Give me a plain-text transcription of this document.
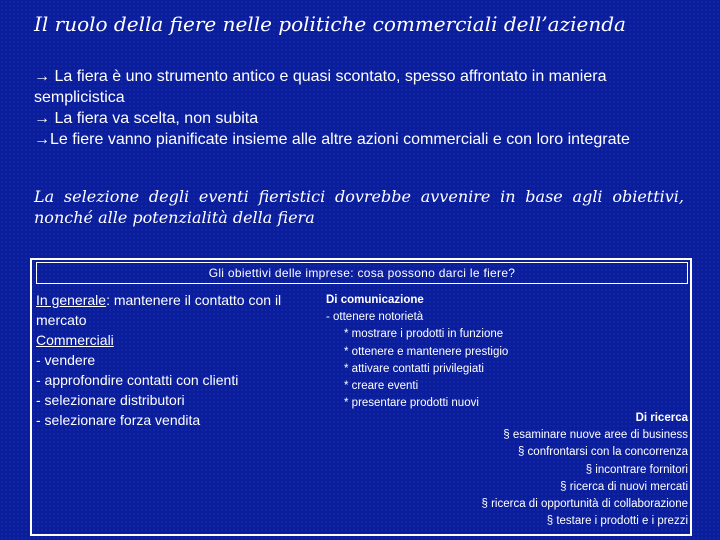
Il ruolo della fiere nelle politiche commerciali dell’azienda

→ La fiera è uno strumento antico e quasi scontato, spesso affrontato in maniera semplicistica

→ La fiera va scelta, non subita

→Le fiere vanno pianificate insieme alle altre azioni commerciali e con loro integrate

La selezione degli eventi fieristici dovrebbe avvenire in base agli obiettivi, nonché alle potenzialità della fiera
Gli obiettivi delle imprese: cosa possono darci le fiere?

In generale: mantenere il contatto con il mercato

Commerciali

- vendere

- approfondire contatti con clienti

- selezionare distributori

- selezionare forza vendita

Di comunicazione

- ottenere notorietà

* mostrare i prodotti in funzione

* ottenere e mantenere prestigio

* attivare contatti privilegiati

* creare eventi

* presentare prodotti nuovi

Di ricerca

§ esaminare nuove aree di business

§ confrontarsi con la concorrenza

§ incontrare fornitori

§ ricerca di nuovi mercati

§ ricerca di opportunità di collaborazione

§ testare i prodotti e i prezzi
